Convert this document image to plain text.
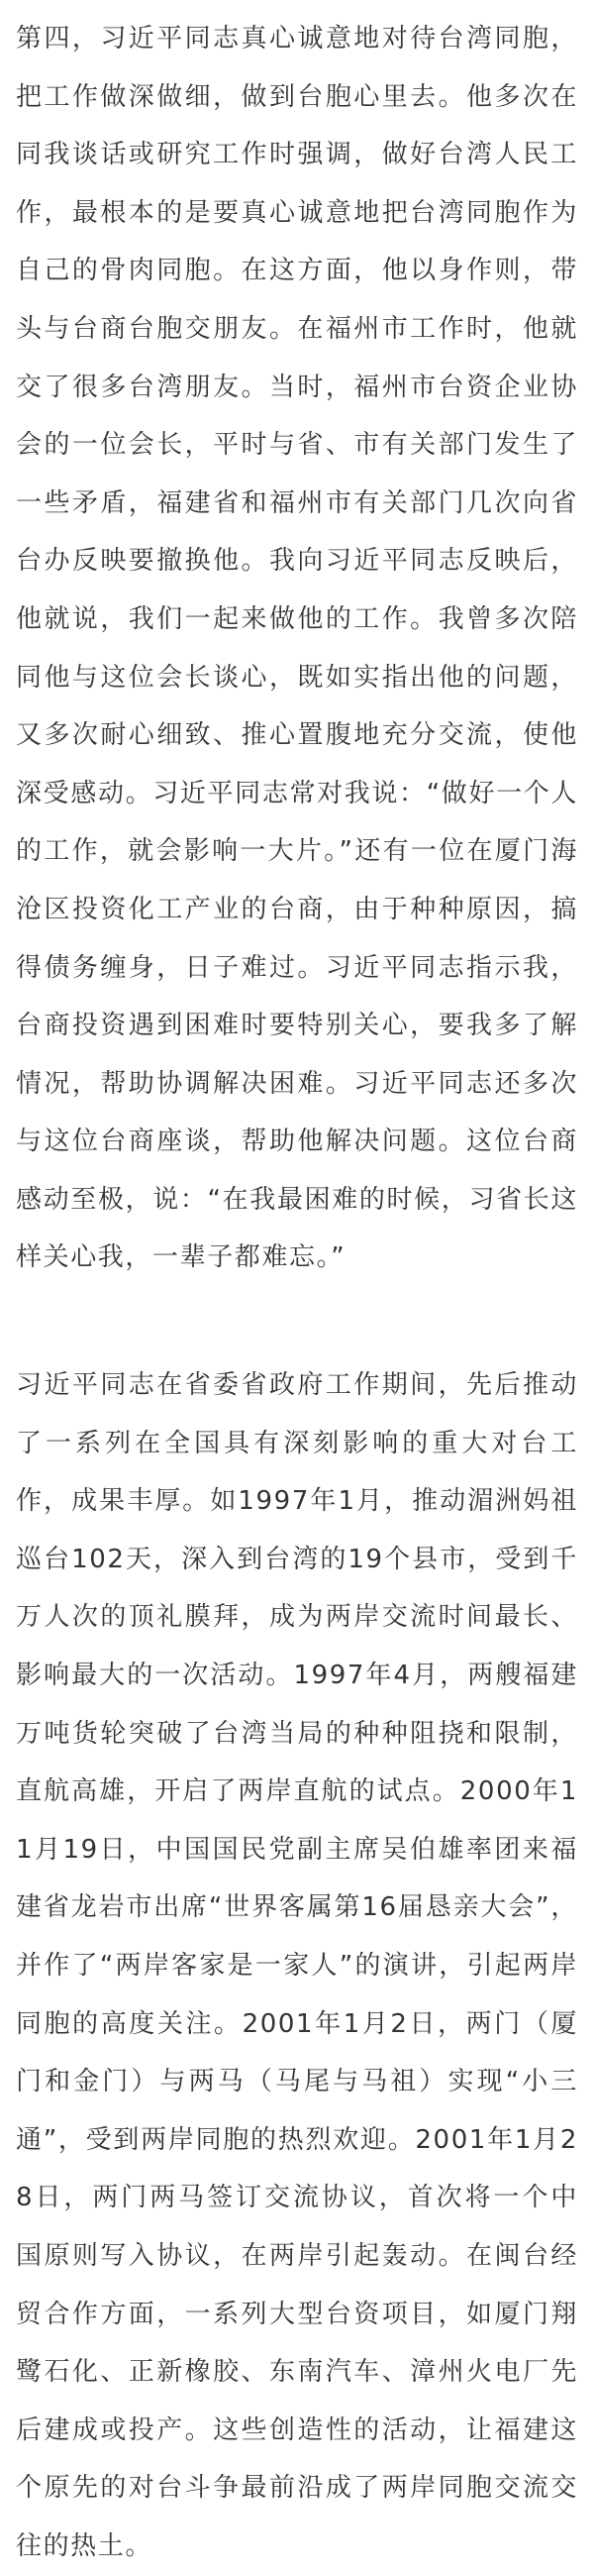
第四，习近平同志真心诚意地对待台湾同胞，把工作做深做细，做到台胞心里去。他多次在同我谈话或研究工作时强调，做好台湾人民工作，最根本的是要真心诚意地把台湾同胞作为自己的骨肉同胞。在这方面，他以身作则，带头与台商台胞交朋友。在福州市工作时，他就交了很多台湾朋友。当时，福州市台资企业协会的一位会长，平时与省、市有关部门发生了一些矛盾，福建省和福州市有关部门几次向省台办反映要撤换他。我向习近平同志反映后，他就说，我们一起来做他的工作。我曾多次陪同他与这位会长谈心，既如实指出他的问题，又多次耐心细致、推心置腹地充分交流，使他深受感动。习近平同志常对我说：“做好一个人的工作，就会影响一大片。”还有一位在厦门海沧区投资化工产业的台商，由于种种原因，搞得债务缠身，日子难过。习近平同志指示我，台商投资遇到困难时要特别关心，要我多了解情况，帮助协调解决困难。习近平同志还多次与这位台商座谈，帮助他解决问题。这位台商感动至极，说：“在我最困难的时候，习省长这样关心我，一辈子都难忘。”

习近平同志在省委省政府工作期间，先后推动了一系列在全国具有深刻影响的重大对台工作，成果丰厚。如1997年1月，推动湄洲妈祖巡台102天，深入到台湾的19个县市，受到千万人次的顶礼膜拜，成为两岸交流时间最长、影响最大的一次活动。1997年4月，两艘福建万吨货轮突破了台湾当局的种种阻挠和限制，直航高雄，开启了两岸直航的试点。2000年11月19日，中国国民党副主席吴伯雄率团来福建省龙岩市出席“世界客属第16届恳亲大会”，并作了“两岸客家是一家人”的演讲，引起两岸同胞的高度关注。2001年1月2日，两门（厦门和金门）与两马（马尾与马祖）实现“小三通”，受到两岸同胞的热烈欢迎。2001年1月28日，两门两马签订交流协议，首次将一个中国原则写入协议，在两岸引起轰动。在闽台经贸合作方面，一系列大型台资项目，如厦门翔鹭石化、正新橡胶、东南汽车、漳州火电厂先后建成或投产。这些创造性的活动，让福建这个原先的对台斗争最前沿成了两岸同胞交流交往的热土。
